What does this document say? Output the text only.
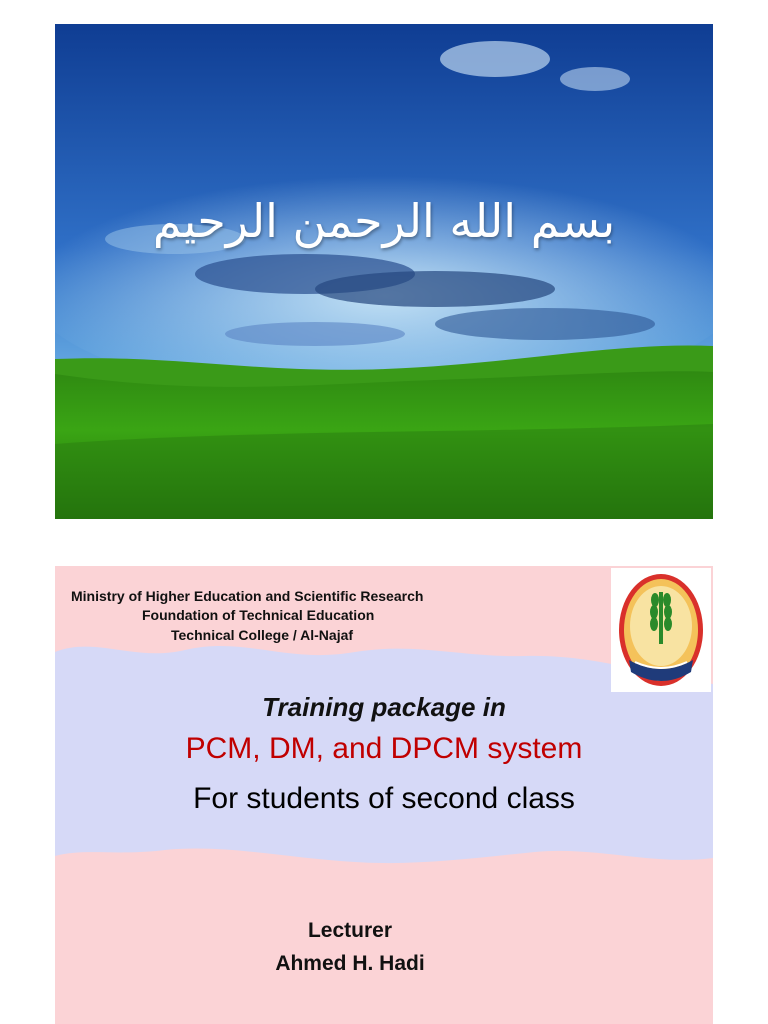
بسم الله الرحمن الرحيم
Ministry of Higher Education and Scientific Research
Foundation of Technical Education
Technical College / Al-Najaf
Training package in
PCM, DM, and DPCM system
For students of second class
Lecturer
Ahmed H. Hadi
